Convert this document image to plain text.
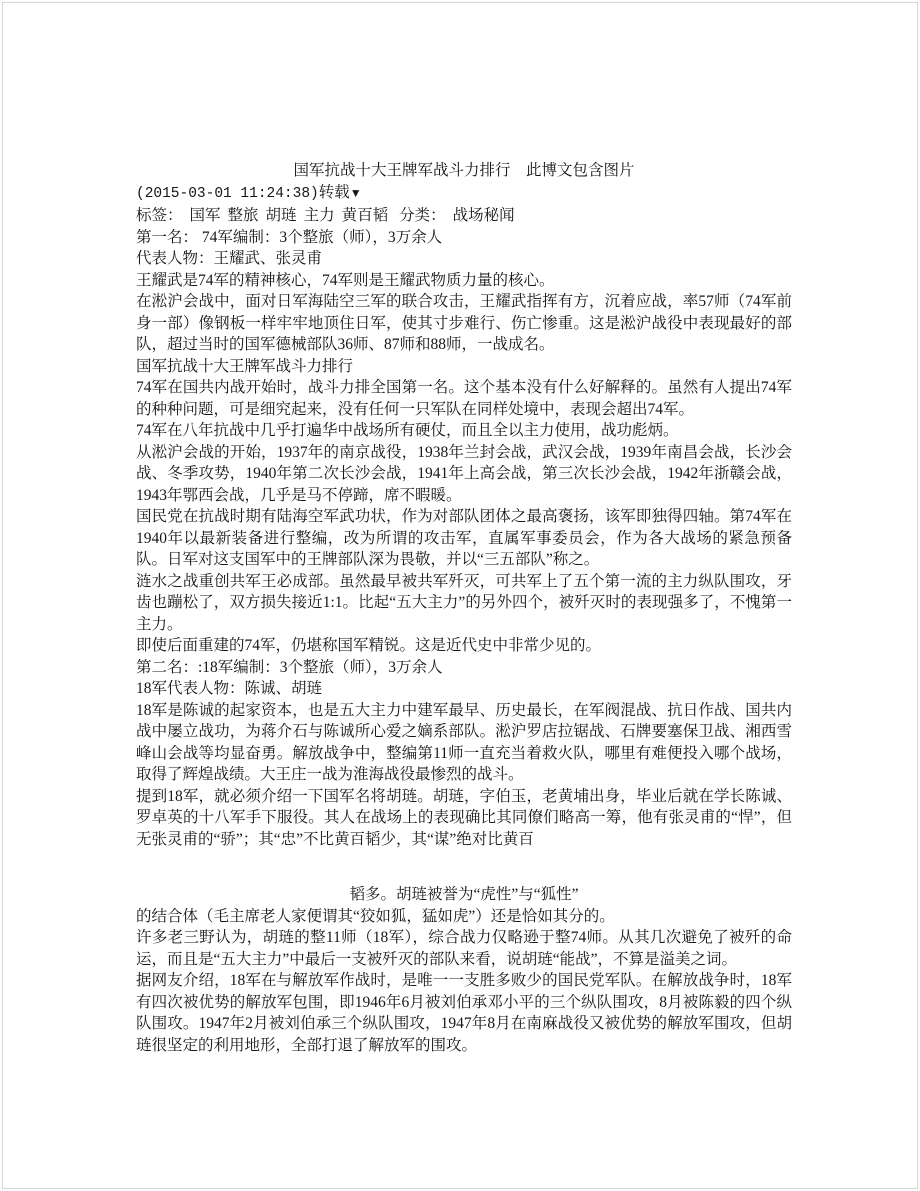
国军抗战十大王牌军战斗力排行　此博文包含图片

(2015-03-01 11:24:38)转载▼

标签： 国军 整旅 胡琏 主力 黄百韬 分类： 战场秘闻

第一名： 74军编制：3个整旅（师），3万余人

代表人物：王耀武、张灵甫

王耀武是74军的精神核心，74军则是王耀武物质力量的核心。

在淞沪会战中，面对日军海陆空三军的联合攻击，王耀武指挥有方，沉着应战，率57师（74军前身一部）像钢板一样牢牢地顶住日军，使其寸步难行、伤亡惨重。这是淞沪战役中表现最好的部队，超过当时的国军德械部队36师、87师和88师，一战成名。

国军抗战十大王牌军战斗力排行

74军在国共内战开始时，战斗力排全国第一名。这个基本没有什么好解释的。虽然有人提出74军的种种问题，可是细究起来，没有任何一只军队在同样处境中，表现会超出74军。

74军在八年抗战中几乎打遍华中战场所有硬仗，而且全以主力使用，战功彪炳。

从淞沪会战的开始，1937年的南京战役，1938年兰封会战，武汉会战，1939年南昌会战，长沙会战、冬季攻势，1940年第二次长沙会战，1941年上高会战，第三次长沙会战，1942年浙赣会战，1943年鄂西会战，几乎是马不停蹄，席不暇暖。

国民党在抗战时期有陆海空军武功状，作为对部队团体之最高褒扬，该军即独得四轴。第74军在1940年以最新装备进行整编，改为所谓的攻击军，直属军事委员会，作为各大战场的紧急预备队。日军对这支国军中的王牌部队深为畏敬，并以“三五部队”称之。

涟水之战重创共军王必成部。虽然最早被共军歼灭，可共军上了五个第一流的主力纵队围攻，牙齿也蹦松了，双方损失接近1:1。比起“五大主力”的另外四个，被歼灭时的表现强多了，不愧第一主力。

即使后面重建的74军，仍堪称国军精锐。这是近代史中非常少见的。

第二名：:18军编制：3个整旅（师），3万余人

18军代表人物：陈诚、胡琏

18军是陈诚的起家资本，也是五大主力中建军最早、历史最长，在军阀混战、抗日作战、国共内战中屡立战功，为蒋介石与陈诚所心爱之嫡系部队。淞沪罗店拉锯战、石牌要塞保卫战、湘西雪峰山会战等均显奋勇。解放战争中，整编第11师一直充当着救火队，哪里有难便投入哪个战场，取得了辉煌战绩。大王庄一战为淮海战役最惨烈的战斗。

提到18军，就必须介绍一下国军名将胡琏。胡琏，字伯玉，老黄埔出身，毕业后就在学长陈诚、罗卓英的十八军手下服役。其人在战场上的表现确比其同僚们略高一筹，他有张灵甫的“悍”，但无张灵甫的“骄”；其“忠”不比黄百韬少，其“谋”绝对比黄百

韬多。胡琏被誉为“虎性”与“狐性”

的结合体（毛主席老人家便谓其“狡如狐，猛如虎”）还是恰如其分的。

许多老三野认为，胡琏的整11师（18军），综合战力仅略逊于整74师。从其几次避免了被歼的命运，而且是“五大主力”中最后一支被歼灭的部队来看，说胡琏“能战”，不算是溢美之词。

据网友介绍，18军在与解放军作战时，是唯一一支胜多败少的国民党军队。在解放战争时，18军有四次被优势的解放军包围，即1946年6月被刘伯承邓小平的三个纵队围攻，8月被陈毅的四个纵队围攻。1947年2月被刘伯承三个纵队围攻，1947年8月在南麻战役又被优势的解放军围攻，但胡琏很坚定的利用地形，全部打退了解放军的围攻。
